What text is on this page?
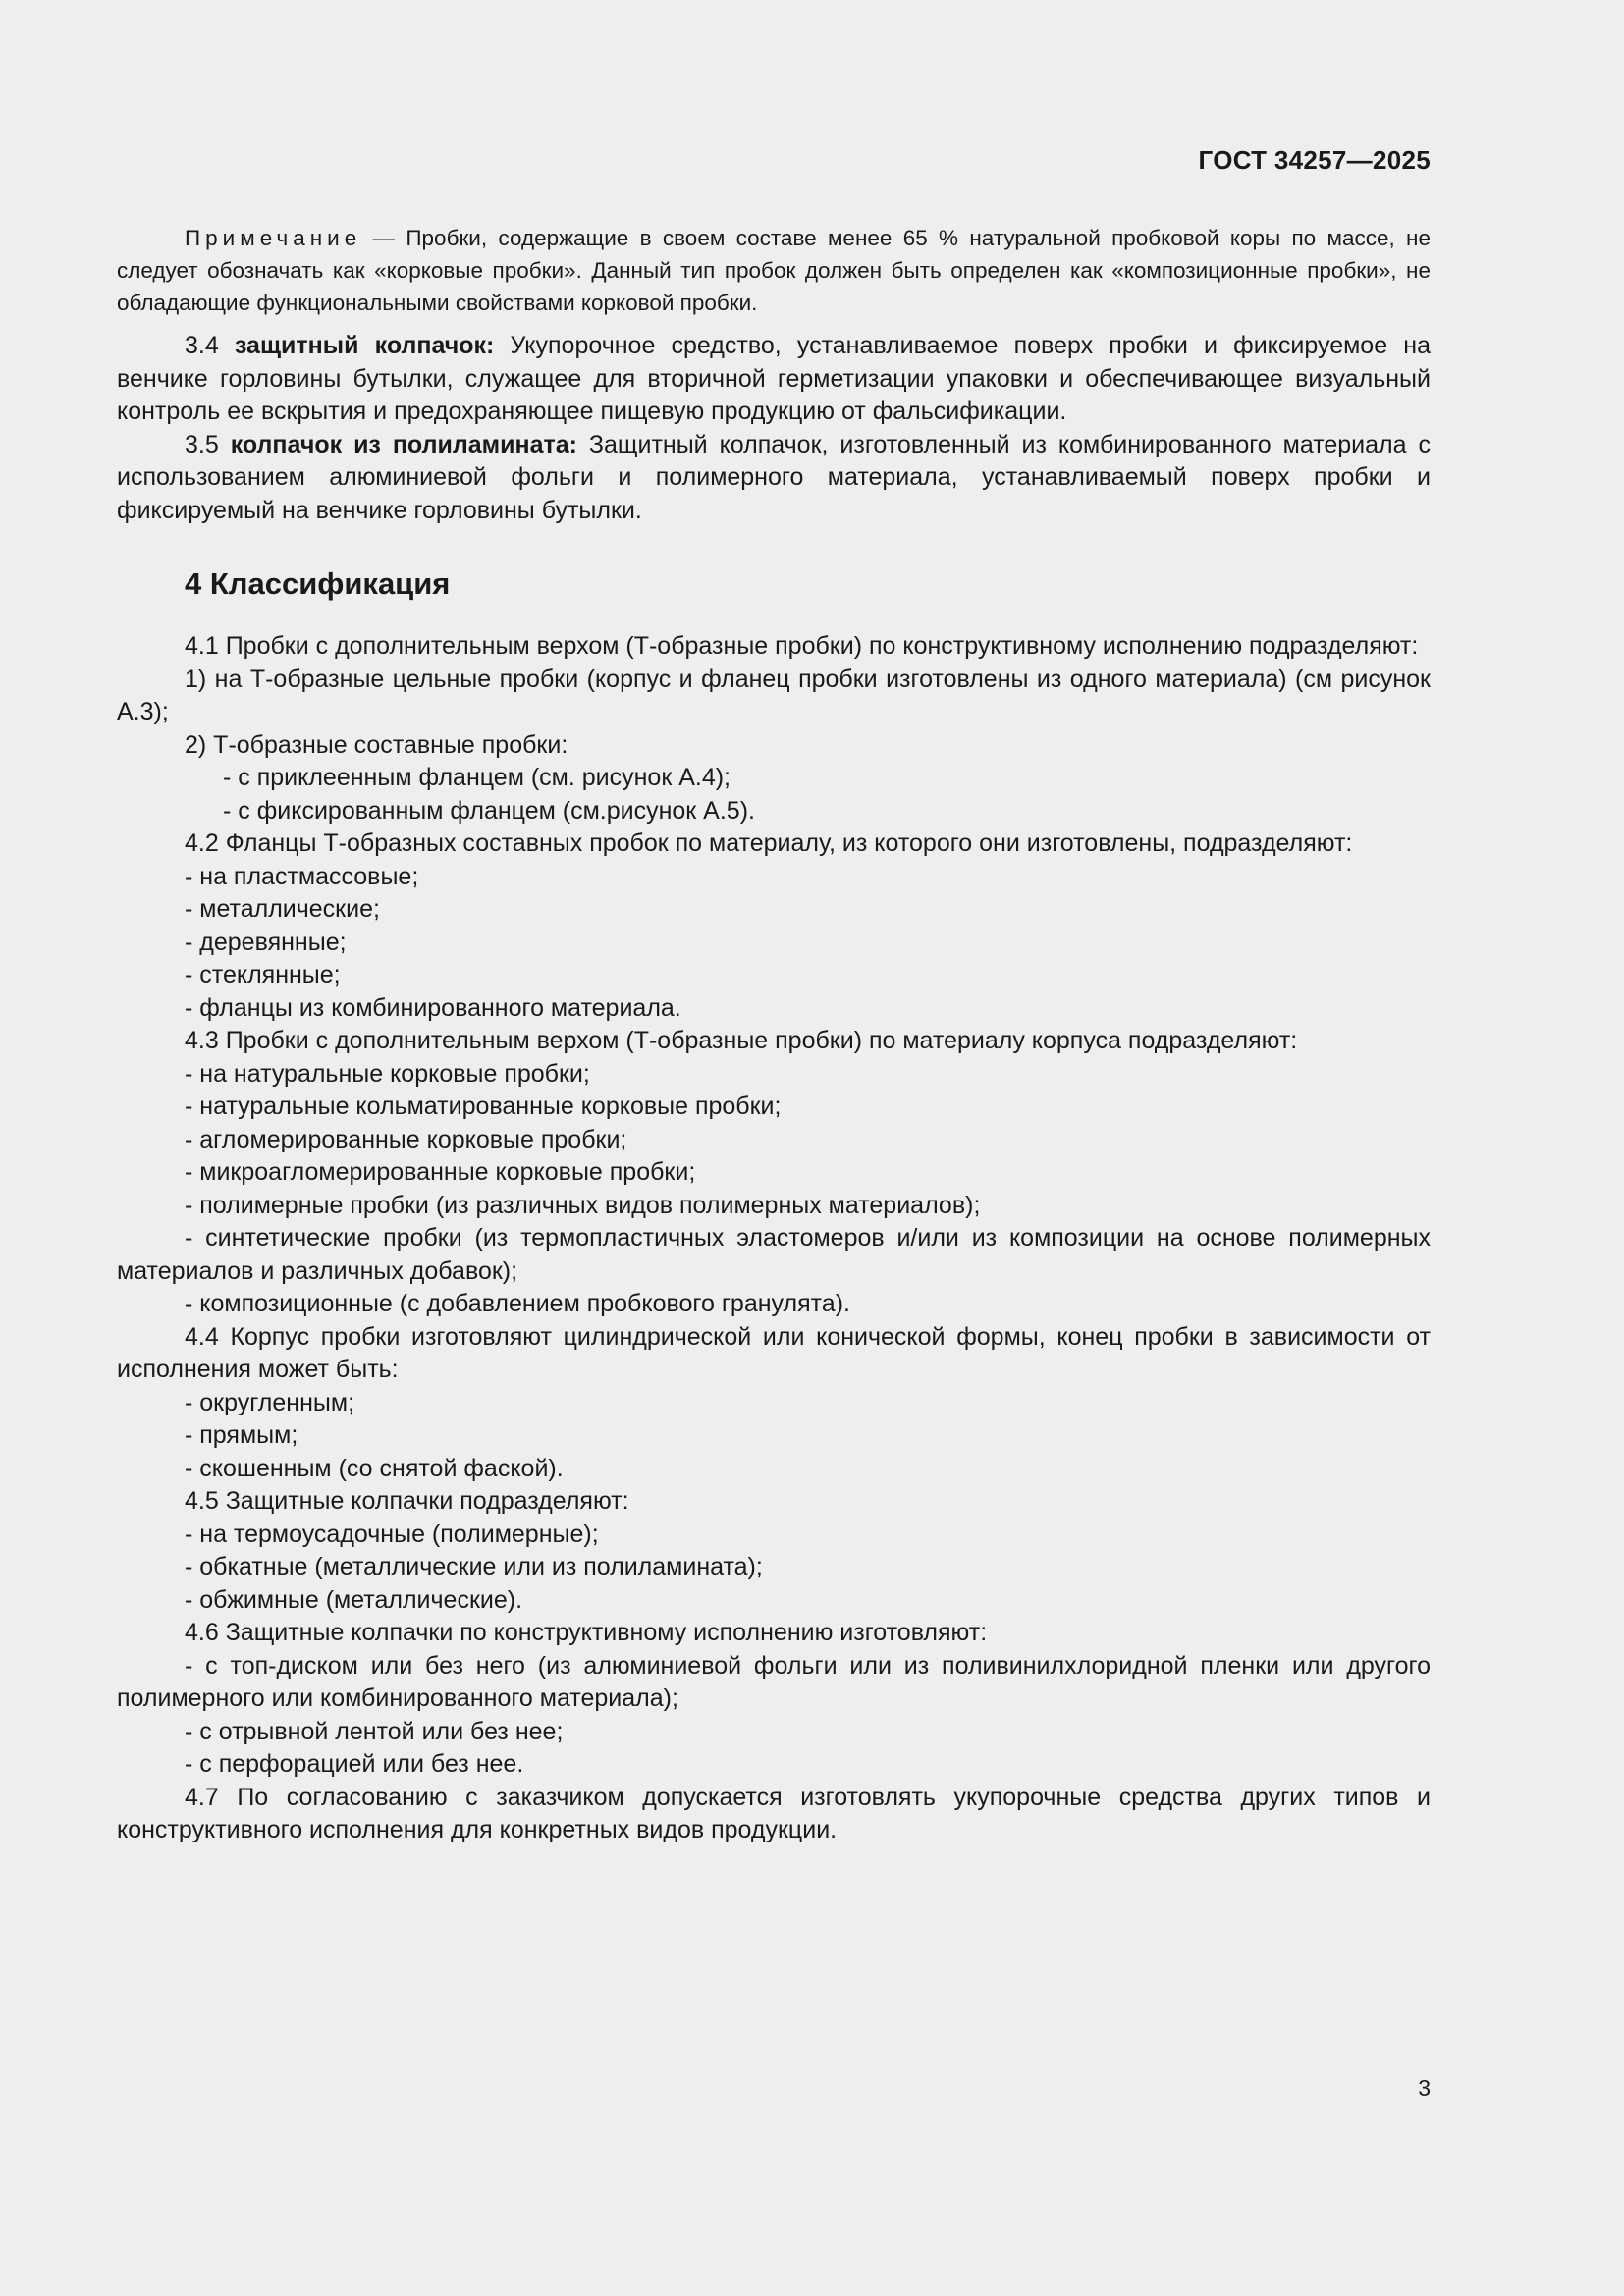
ГОСТ 34257—2025

Примечание — Пробки, содержащие в своем составе менее 65 % натуральной пробковой коры по массе, не следует обозначать как «корковые пробки». Данный тип пробок должен быть определен как «композиционные пробки», не обладающие функциональными свойствами корковой пробки.

3.4 защитный колпачок: Укупорочное средство, устанавливаемое поверх пробки и фиксируемое на венчике горловины бутылки, служащее для вторичной герметизации упаковки и обеспечивающее визуальный контроль ее вскрытия и предохраняющее пищевую продукцию от фальсификации.

3.5 колпачок из полиламината: Защитный колпачок, изготовленный из комбинированного материала с использованием алюминиевой фольги и полимерного материала, устанавливаемый поверх пробки и фиксируемый на венчике горловины бутылки.

4 Классификация

4.1 Пробки с дополнительным верхом (Т-образные пробки) по конструктивному исполнению подразделяют:

1) на Т-образные цельные пробки (корпус и фланец пробки изготовлены из одного материала) (см рисунок А.3);

2) Т-образные составные пробки:

- с приклеенным фланцем (см. рисунок А.4);

- с фиксированным фланцем (см.рисунок А.5).

4.2 Фланцы Т-образных составных пробок по материалу, из которого они изготовлены, подразделяют:

- на пластмассовые;

- металлические;

- деревянные;

- стеклянные;

- фланцы из комбинированного материала.

4.3 Пробки с дополнительным верхом (Т-образные пробки) по материалу корпуса подразделяют:

- на натуральные корковые пробки;

- натуральные кольматированные корковые пробки;

- агломерированные корковые пробки;

- микроагломерированные корковые пробки;

- полимерные пробки (из различных видов полимерных материалов);

- синтетические пробки (из термопластичных эластомеров и/или из композиции на основе полимерных материалов и различных добавок);

- композиционные (с добавлением пробкового гранулята).

4.4 Корпус пробки изготовляют цилиндрической или конической формы, конец пробки в зависимости от исполнения может быть:

- округленным;

- прямым;

- скошенным (со снятой фаской).

4.5 Защитные колпачки подразделяют:

- на термоусадочные (полимерные);

- обкатные (металлические или из полиламината);

- обжимные (металлические).

4.6 Защитные колпачки по конструктивному исполнению изготовляют:

- с топ-диском или без него (из алюминиевой фольги или из поливинилхлоридной пленки или другого полимерного или комбинированного материала);

- с отрывной лентой или без нее;

- с перфорацией или без нее.

4.7 По согласованию с заказчиком допускается изготовлять укупорочные средства других типов и конструктивного исполнения для конкретных видов продукции.

3
